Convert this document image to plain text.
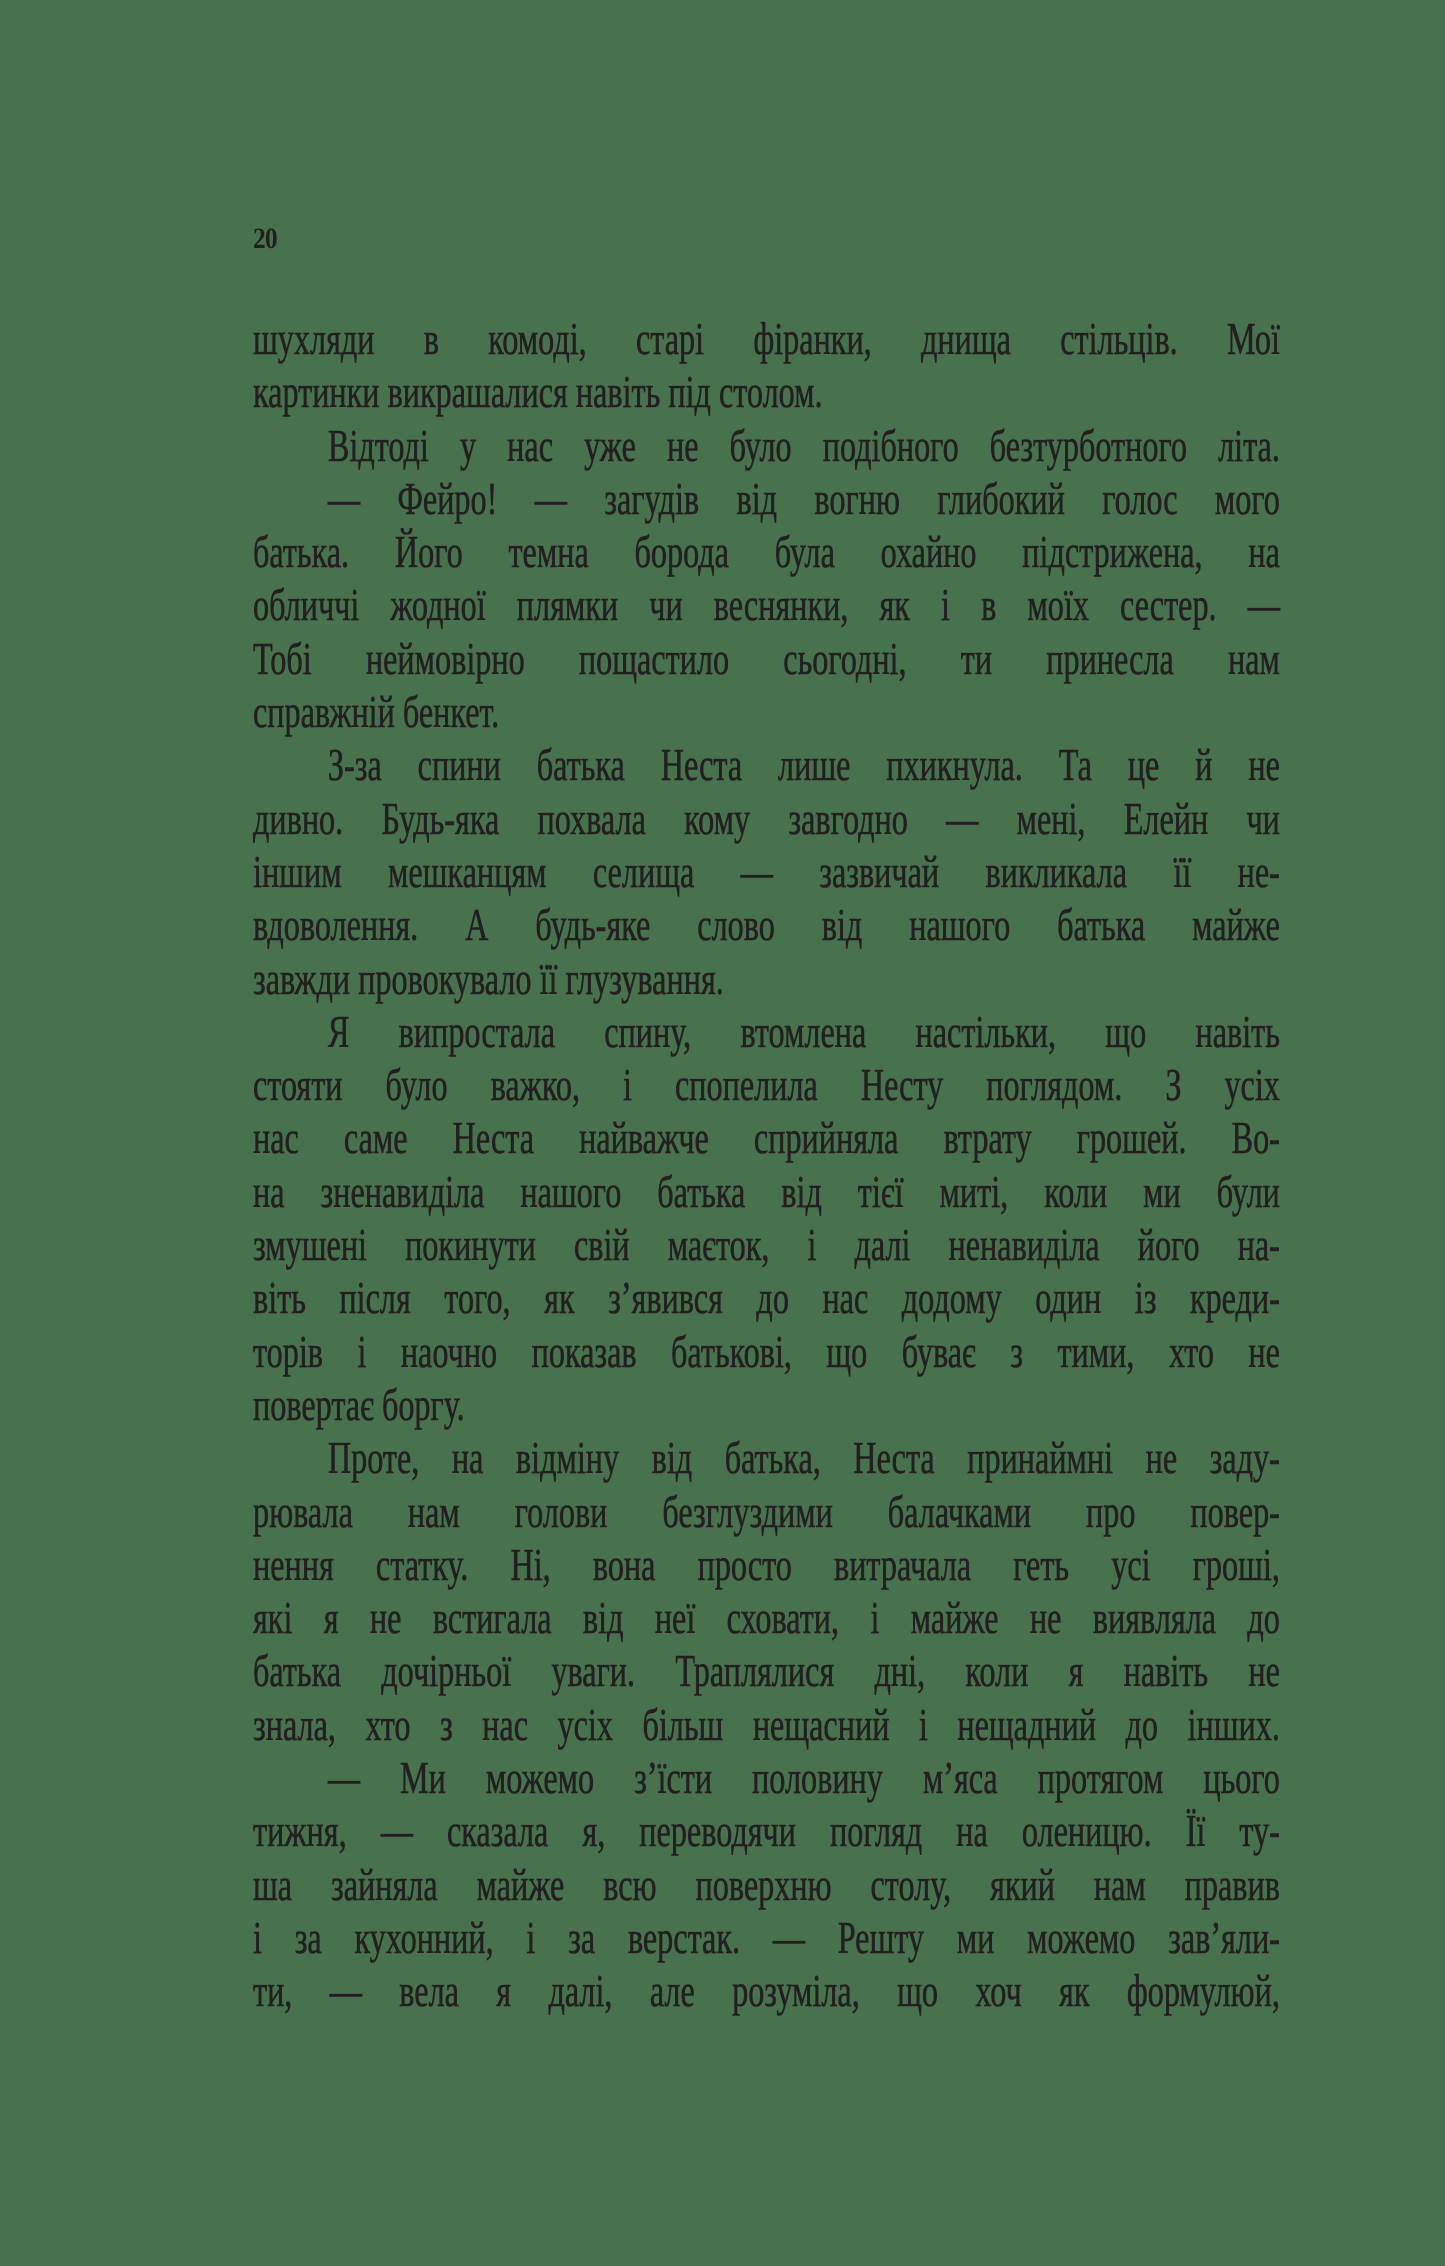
20
шухляди в комоді, старі фіранки, днища стільців. Мої
картинки викрашалися навіть під столом.
Відтоді у нас уже не було подібного безтурботного літа.
— Фейро! — загудів від вогню глибокий голос мого
батька. Його темна борода була охайно підстрижена, на
обличчі жодної плямки чи веснянки, як і в моїх сестер. —
Тобі неймовірно пощастило сьогодні, ти принесла нам
справжній бенкет.
З-за спини батька Неста лише пхикнула. Та це й не
дивно. Будь-яка похвала кому завгодно — мені, Елейн чи
іншим мешканцям селища — зазвичай викликала її не-
вдоволення. А будь-яке слово від нашого батька майже
завжди провокувало її глузування.
Я випростала спину, втомлена настільки, що навіть
стояти було важко, і спопелила Несту поглядом. З усіх
нас саме Неста найважче сприйняла втрату грошей. Во-
на зненавиділа нашого батька від тієї миті, коли ми були
змушені покинути свій маєток, і далі ненавиділа його на-
віть після того, як з’явився до нас додому один із креди-
торів і наочно показав батькові, що буває з тими, хто не
повертає боргу.
Проте, на відміну від батька, Неста принаймні не заду-
рювала нам голови безглуздими балачками про повер-
нення статку. Ні, вона просто витрачала геть усі гроші,
які я не встигала від неї сховати, і майже не виявляла до
батька дочірньої уваги. Траплялися дні, коли я навіть не
знала, хто з нас усіх більш нещасний і нещадний до інших.
— Ми можемо з’їсти половину м’яса протягом цього
тижня, — сказала я, переводячи погляд на оленицю. Її ту-
ша зайняла майже всю поверхню столу, який нам правив
і за кухонний, і за верстак. — Решту ми можемо зав’яли-
ти, — вела я далі, але розуміла, що хоч як формулюй,
